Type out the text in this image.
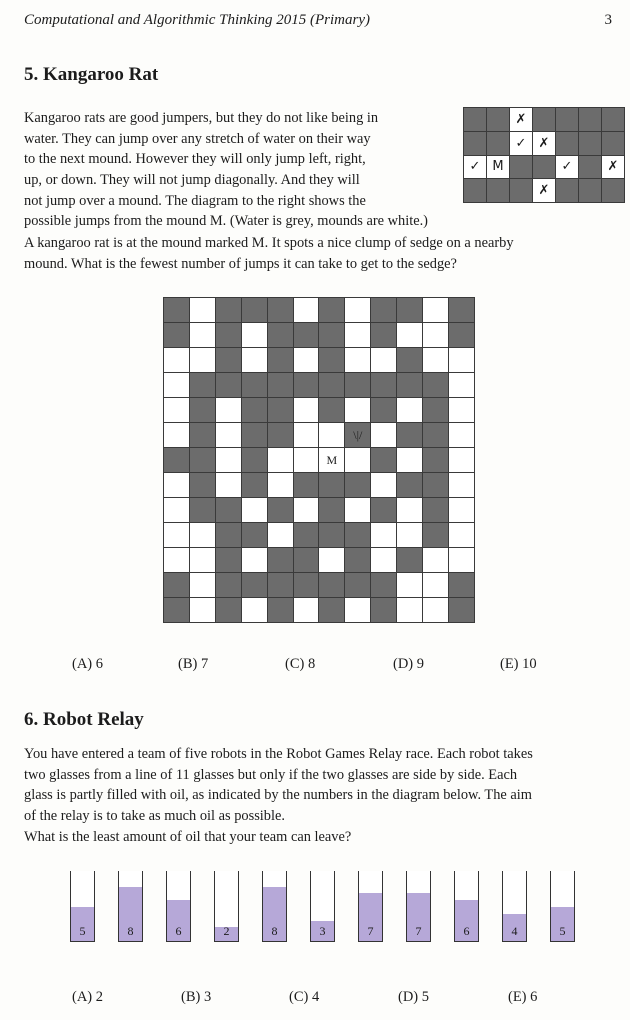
Computational and Algorithmic Thinking 2015 (Primary)	3
5. Kangaroo Rat

Kangaroo rats are good jumpers, but they do not like being in

water. They can jump over any stretch of water on their way

to the next mound. However they will only jump left, right,

up, or down. They will not jump diagonally. And they will

not jump over a mound. The diagram to the right shows the

possible jumps from the mound M. (Water is grey, mounds are white.)

A kangaroo rat is at the mound marked M. It spots a nice clump of sedge on a nearby

mound. What is the fewest number of jumps it can take to get to the sedge?

		✗				
		✓	✗			
✓	M			✓		✗
			✗			

							\|/				
						M					

(A) 6	(B) 7	(C) 8	(D) 9	(E) 10
6. Robot Relay

You have entered a team of five robots in the Robot Games Relay race. Each robot takes

two glasses from a line of 11 glasses but only if the two glasses are side by side. Each

glass is partly filled with oil, as indicated by the numbers in the diagram below. The aim

of the relay is to take as much oil as possible.

What is the least amount of oil that your team can leave?

5	8	6	2	8	3	7	7	6	4	5
(A) 2	(B) 3	(C) 4	(D) 5	(E) 6
